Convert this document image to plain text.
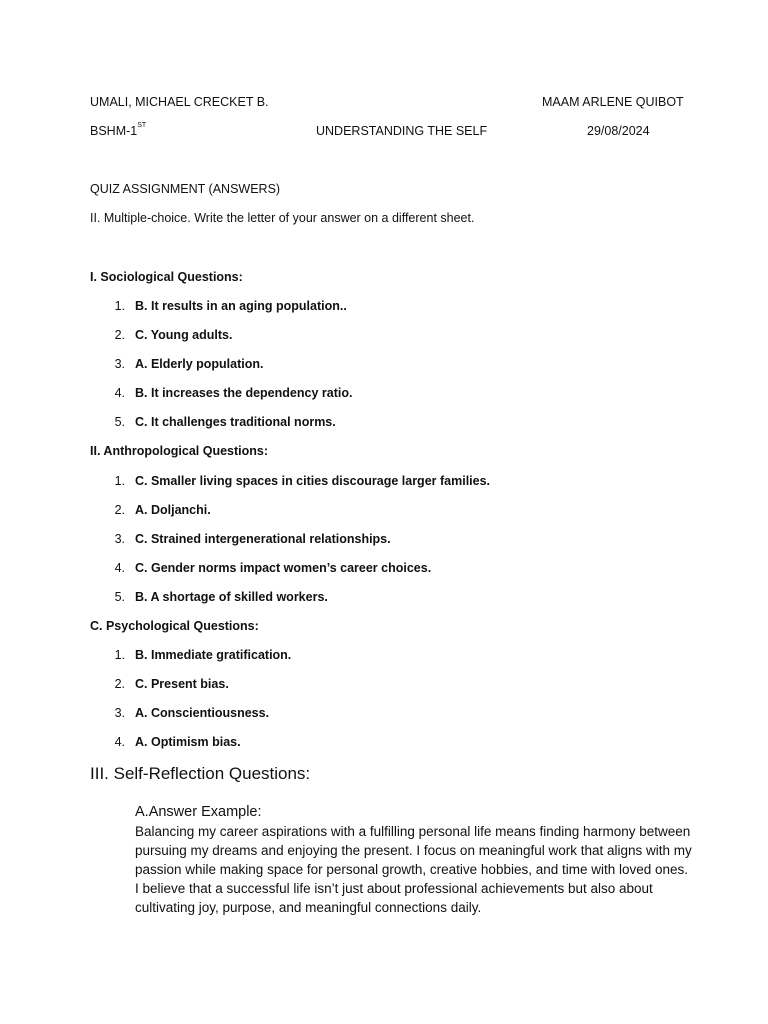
UMALI, MICHAEL CRECKET B.	MAAM ARLENE QUIBOT
BSHM-1ST	UNDERSTANDING THE SELF	29/08/2024
QUIZ ASSIGNMENT (ANSWERS)
II. Multiple-choice. Write the letter of your answer on a different sheet.
I. Sociological Questions:
1 . B. It results in an aging population..
2 . C. Young adults.
3 . A. Elderly population.
4 . B. It increases the dependency ratio.
5 . C. It challenges traditional norms.
II. Anthropological Questions:
1 . C. Smaller living spaces in cities discourage larger families.
2 . A. Doljanchi.
3 . C. Strained intergenerational relationships.
4 . C. Gender norms impact women’s career choices.
5 . B. A shortage of skilled workers.
C. Psychological Questions:
1 . B. Immediate gratification.
2 . C. Present bias.
3 . A. Conscientiousness.
4 . A. Optimism bias.
III. Self-Reflection Questions:
A.Answer Example:
Balancing my career aspirations with a fulfilling personal life means finding harmony between pursuing my dreams and enjoying the present. I focus on meaningful work that aligns with my passion while making space for personal growth, creative hobbies, and time with loved ones. I believe that a successful life isn’t just about professional achievements but also about cultivating joy, purpose, and meaningful connections daily.
